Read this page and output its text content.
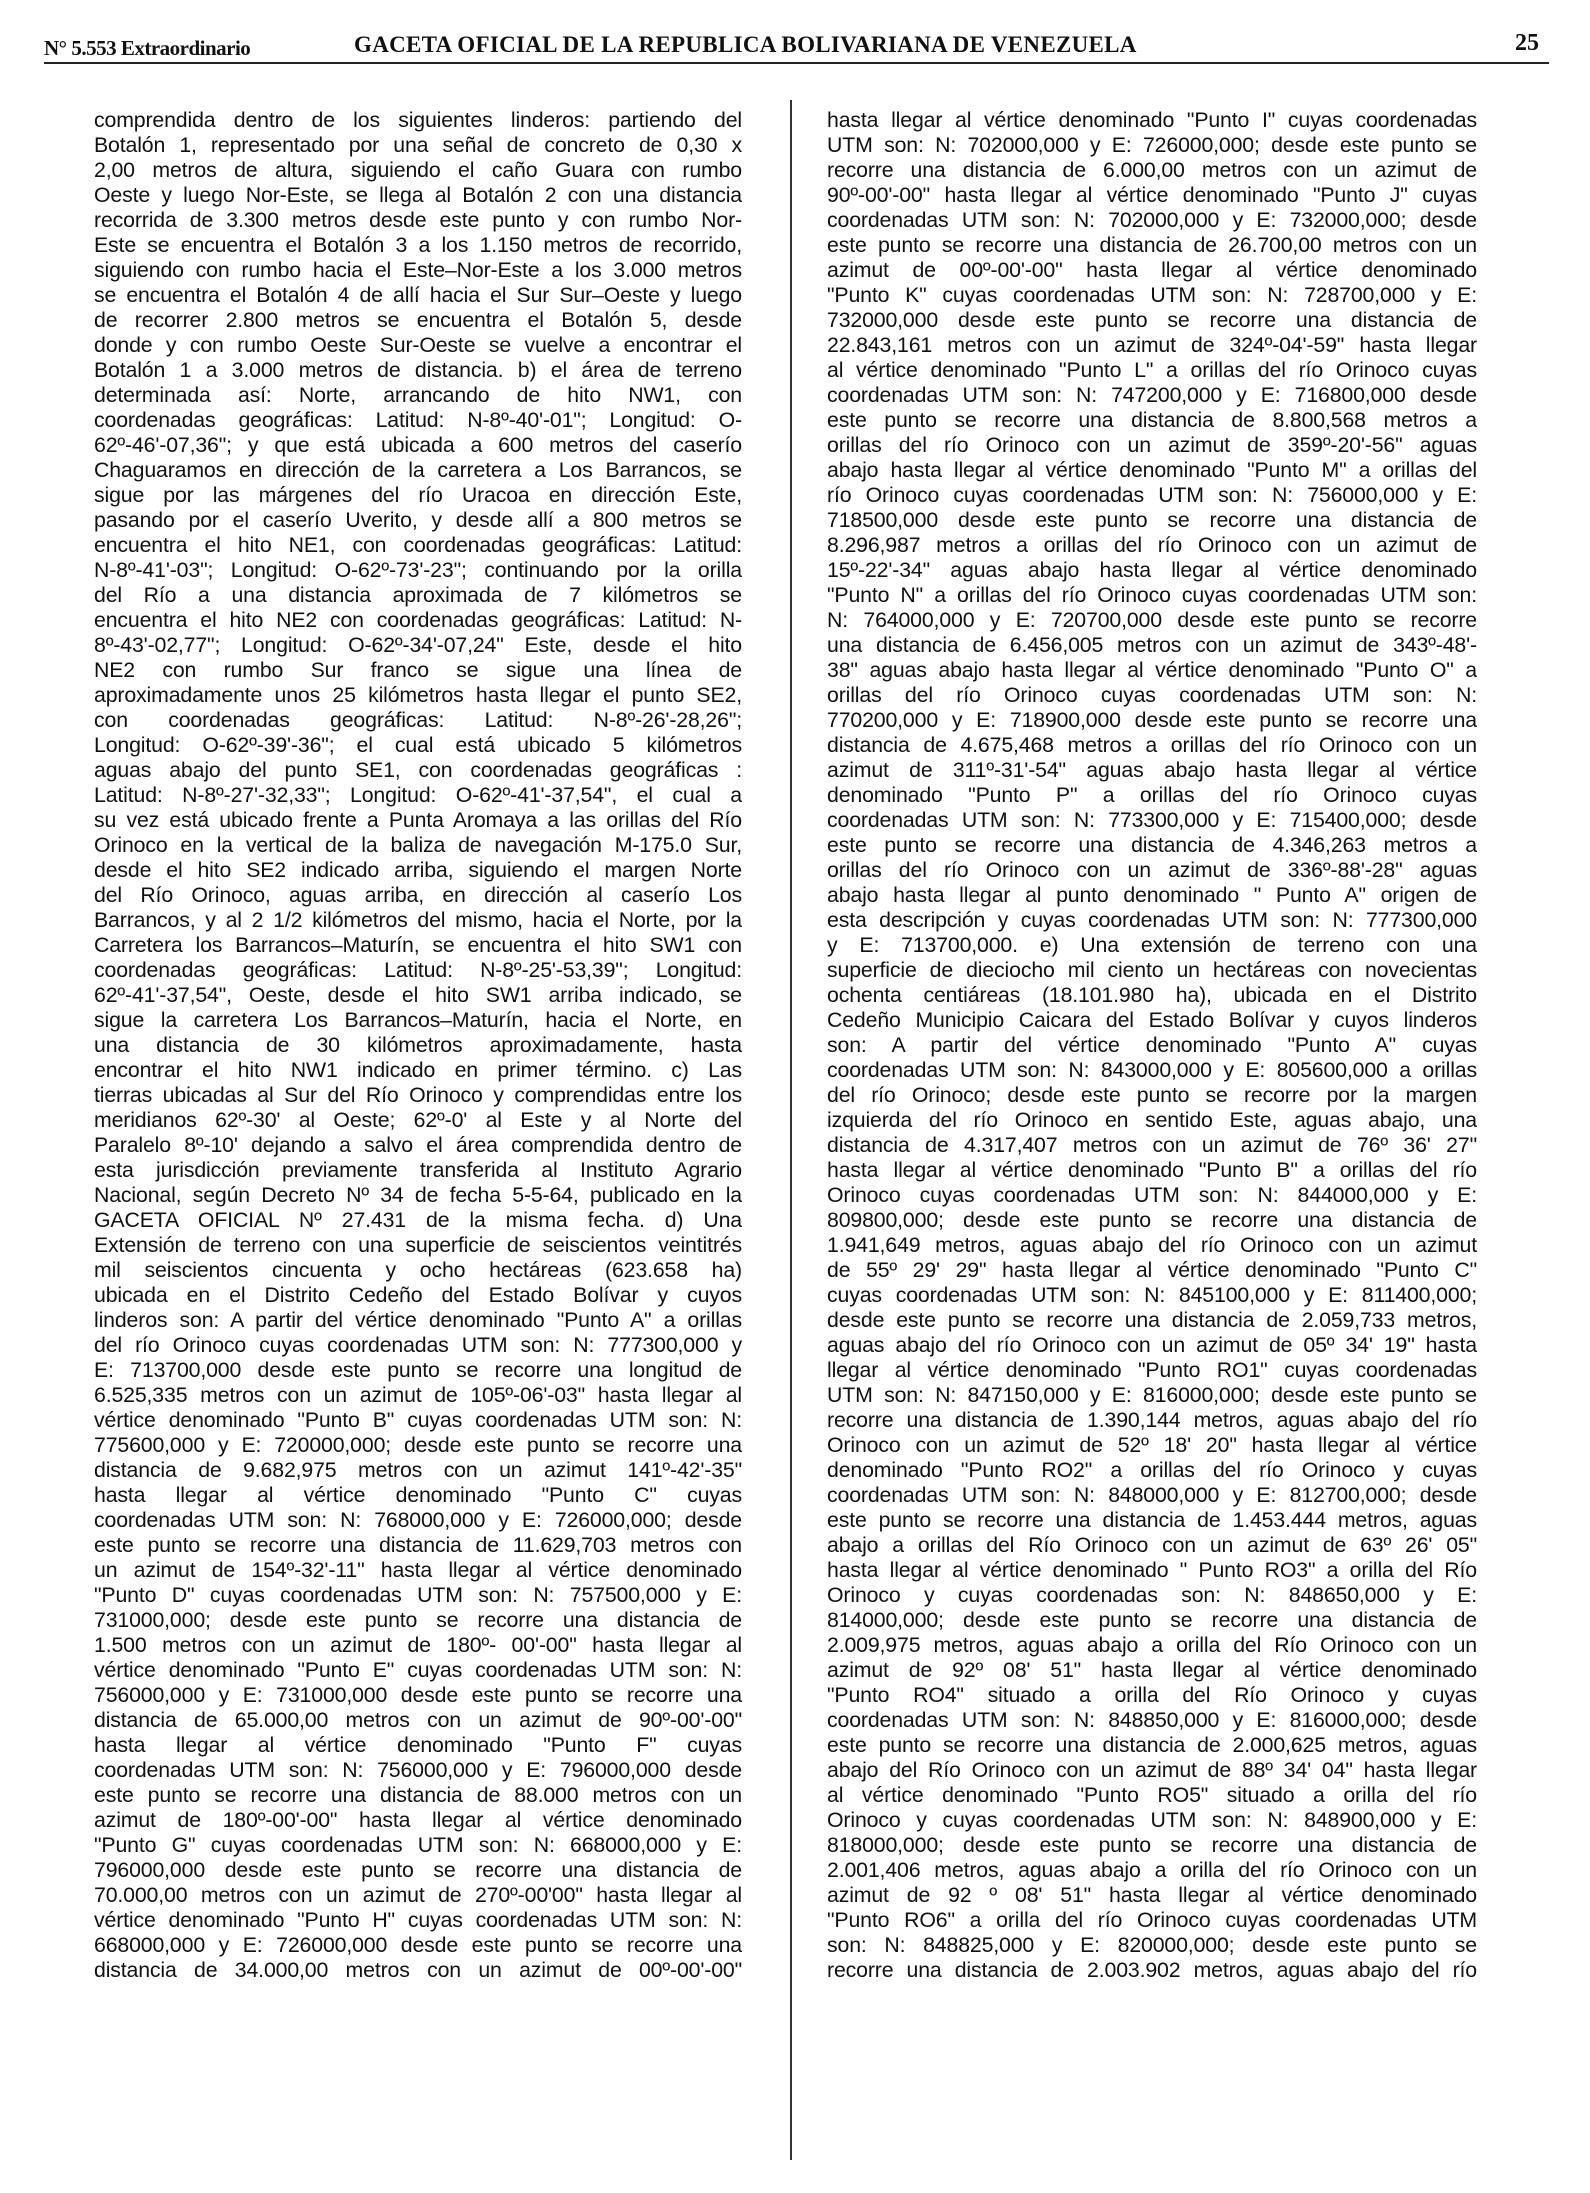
N° 5.553 Extraordinario	GACETA OFICIAL DE LA REPUBLICA BOLIVARIANA DE VENEZUELA	25
comprendida dentro de los siguientes linderos: partiendo del
Botalón 1, representado por una señal de concreto de 0,30 x
2,00 metros de altura, siguiendo el caño Guara con rumbo
Oeste y luego Nor-Este, se llega al Botalón 2 con una distancia
recorrida de 3.300 metros desde este punto y con rumbo Nor-
Este se encuentra el Botalón 3 a los 1.150 metros de recorrido,
siguiendo con rumbo hacia el Este–Nor-Este a los 3.000 metros
se encuentra el Botalón 4 de allí hacia el Sur Sur–Oeste y luego
de recorrer 2.800 metros se encuentra el Botalón 5, desde
donde y con rumbo Oeste Sur-Oeste se vuelve a encontrar el
Botalón 1 a 3.000 metros de distancia. b) el área de terreno
determinada así: Norte, arrancando de hito NW1, con
coordenadas geográficas: Latitud: N-8º-40'-01"; Longitud: O-
62º-46'-07,36"; y que está ubicada a 600 metros del caserío
Chaguaramos en dirección de la carretera a Los Barrancos, se
sigue por las márgenes del río Uracoa en dirección Este,
pasando por el caserío Uverito, y desde allí a 800 metros se
encuentra el hito NE1, con coordenadas geográficas: Latitud:
N-8º-41'-03"; Longitud: O-62º-73'-23"; continuando por la orilla
del Río a una distancia aproximada de 7 kilómetros se
encuentra el hito NE2 con coordenadas geográficas: Latitud: N-
8º-43'-02,77"; Longitud: O-62º-34'-07,24" Este, desde el hito
NE2 con rumbo Sur franco se sigue una línea de
aproximadamente unos 25 kilómetros hasta llegar el punto SE2,
con coordenadas geográficas: Latitud: N-8º-26'-28,26";
Longitud: O-62º-39'-36"; el cual está ubicado 5 kilómetros
aguas abajo del punto SE1, con coordenadas geográficas :
Latitud: N-8º-27'-32,33"; Longitud: O-62º-41'-37,54", el cual a
su vez está ubicado frente a Punta Aromaya a las orillas del Río
Orinoco en la vertical de la baliza de navegación M-175.0 Sur,
desde el hito SE2 indicado arriba, siguiendo el margen Norte
del Río Orinoco, aguas arriba, en dirección al caserío Los
Barrancos, y al 2 1/2 kilómetros del mismo, hacia el Norte, por la
Carretera los Barrancos–Maturín, se encuentra el hito SW1 con
coordenadas geográficas: Latitud: N-8º-25'-53,39"; Longitud:
62º-41'-37,54", Oeste, desde el hito SW1 arriba indicado, se
sigue la carretera Los Barrancos–Maturín, hacia el Norte, en
una distancia de 30 kilómetros aproximadamente, hasta
encontrar el hito NW1 indicado en primer término. c) Las
tierras ubicadas al Sur del Río Orinoco y comprendidas entre los
meridianos 62º-30' al Oeste; 62º-0' al Este y al Norte del
Paralelo 8º-10' dejando a salvo el área comprendida dentro de
esta jurisdicción previamente transferida al Instituto Agrario
Nacional, según Decreto Nº 34 de fecha 5-5-64, publicado en la
GACETA OFICIAL Nº 27.431 de la misma fecha. d) Una
Extensión de terreno con una superficie de seiscientos veintitrés
mil seiscientos cincuenta y ocho hectáreas (623.658 ha)
ubicada en el Distrito Cedeño del Estado Bolívar y cuyos
linderos son: A partir del vértice denominado "Punto A" a orillas
del río Orinoco cuyas coordenadas UTM son: N: 777300,000 y
E: 713700,000 desde este punto se recorre una longitud de
6.525,335 metros con un azimut de 105º-06'-03" hasta llegar al
vértice denominado "Punto B" cuyas coordenadas UTM son: N:
775600,000 y E: 720000,000; desde este punto se recorre una
distancia de 9.682,975 metros con un azimut 141º-42'-35"
hasta llegar al vértice denominado "Punto C" cuyas
coordenadas UTM son: N: 768000,000 y E: 726000,000; desde
este punto se recorre una distancia de 11.629,703 metros con
un azimut de 154º-32'-11" hasta llegar al vértice denominado
"Punto D" cuyas coordenadas UTM son: N: 757500,000 y E:
731000,000; desde este punto se recorre una distancia de
1.500 metros con un azimut de 180º- 00'-00" hasta llegar al
vértice denominado "Punto E" cuyas coordenadas UTM son: N:
756000,000 y E: 731000,000 desde este punto se recorre una
distancia de 65.000,00 metros con un azimut de 90º-00'-00"
hasta llegar al vértice denominado "Punto F" cuyas
coordenadas UTM son: N: 756000,000 y E: 796000,000 desde
este punto se recorre una distancia de 88.000 metros con un
azimut de 180º-00'-00" hasta llegar al vértice denominado
"Punto G" cuyas coordenadas UTM son: N: 668000,000 y E:
796000,000 desde este punto se recorre una distancia de
70.000,00 metros con un azimut de 270º-00'00" hasta llegar al
vértice denominado "Punto H" cuyas coordenadas UTM son: N:
668000,000 y E: 726000,000 desde este punto se recorre una
distancia de 34.000,00 metros con un azimut de 00º-00'-00"
hasta llegar al vértice denominado "Punto I" cuyas coordenadas
UTM son: N: 702000,000 y E: 726000,000; desde este punto se
recorre una distancia de 6.000,00 metros con un azimut de
90º-00'-00" hasta llegar al vértice denominado "Punto J" cuyas
coordenadas UTM son: N: 702000,000 y E: 732000,000; desde
este punto se recorre una distancia de 26.700,00 metros con un
azimut de 00º-00'-00" hasta llegar al vértice denominado
"Punto K" cuyas coordenadas UTM son: N: 728700,000 y E:
732000,000 desde este punto se recorre una distancia de
22.843,161 metros con un azimut de 324º-04'-59" hasta llegar
al vértice denominado "Punto L" a orillas del río Orinoco cuyas
coordenadas UTM son: N: 747200,000 y E: 716800,000 desde
este punto se recorre una distancia de 8.800,568 metros a
orillas del río Orinoco con un azimut de 359º-20'-56" aguas
abajo hasta llegar al vértice denominado "Punto M" a orillas del
río Orinoco cuyas coordenadas UTM son: N: 756000,000 y E:
718500,000 desde este punto se recorre una distancia de
8.296,987 metros a orillas del río Orinoco con un azimut de
15º-22'-34" aguas abajo hasta llegar al vértice denominado
"Punto N" a orillas del río Orinoco cuyas coordenadas UTM son:
N: 764000,000 y E: 720700,000 desde este punto se recorre
una distancia de 6.456,005 metros con un azimut de 343º-48'-
38" aguas abajo hasta llegar al vértice denominado "Punto O" a
orillas del río Orinoco cuyas coordenadas UTM son: N:
770200,000 y E: 718900,000 desde este punto se recorre una
distancia de 4.675,468 metros a orillas del río Orinoco con un
azimut de 311º-31'-54" aguas abajo hasta llegar al vértice
denominado "Punto P" a orillas del río Orinoco cuyas
coordenadas UTM son: N: 773300,000 y E: 715400,000; desde
este punto se recorre una distancia de 4.346,263 metros a
orillas del río Orinoco con un azimut de 336º-88'-28" aguas
abajo hasta llegar al punto denominado " Punto A" origen de
esta descripción y cuyas coordenadas UTM son: N: 777300,000
y E: 713700,000. e) Una extensión de terreno con una
superficie de dieciocho mil ciento un hectáreas con novecientas
ochenta centiáreas (18.101.980 ha), ubicada en el Distrito
Cedeño Municipio Caicara del Estado Bolívar y cuyos linderos
son: A partir del vértice denominado "Punto A" cuyas
coordenadas UTM son: N: 843000,000 y E: 805600,000 a orillas
del río Orinoco; desde este punto se recorre por la margen
izquierda del río Orinoco en sentido Este, aguas abajo, una
distancia de 4.317,407 metros con un azimut de 76º 36' 27"
hasta llegar al vértice denominado "Punto B" a orillas del río
Orinoco cuyas coordenadas UTM son: N: 844000,000 y E:
809800,000; desde este punto se recorre una distancia de
1.941,649 metros, aguas abajo del río Orinoco con un azimut
de 55º 29' 29" hasta llegar al vértice denominado "Punto C"
cuyas coordenadas UTM son: N: 845100,000 y E: 811400,000;
desde este punto se recorre una distancia de 2.059,733 metros,
aguas abajo del río Orinoco con un azimut de 05º 34' 19" hasta
llegar al vértice denominado "Punto RO1" cuyas coordenadas
UTM son: N: 847150,000 y E: 816000,000; desde este punto se
recorre una distancia de 1.390,144 metros, aguas abajo del río
Orinoco con un azimut de 52º 18' 20" hasta llegar al vértice
denominado "Punto RO2" a orillas del río Orinoco y cuyas
coordenadas UTM son: N: 848000,000 y E: 812700,000; desde
este punto se recorre una distancia de 1.453.444 metros, aguas
abajo a orillas del Río Orinoco con un azimut de 63º 26' 05"
hasta llegar al vértice denominado " Punto RO3" a orilla del Río
Orinoco y cuyas coordenadas son: N: 848650,000 y E:
814000,000; desde este punto se recorre una distancia de
2.009,975 metros, aguas abajo a orilla del Río Orinoco con un
azimut de 92º 08' 51" hasta llegar al vértice denominado
"Punto RO4" situado a orilla del Río Orinoco y cuyas
coordenadas UTM son: N: 848850,000 y E: 816000,000; desde
este punto se recorre una distancia de 2.000,625 metros, aguas
abajo del Río Orinoco con un azimut de 88º 34' 04" hasta llegar
al vértice denominado "Punto RO5" situado a orilla del río
Orinoco y cuyas coordenadas UTM son: N: 848900,000 y E:
818000,000; desde este punto se recorre una distancia de
2.001,406 metros, aguas abajo a orilla del río Orinoco con un
azimut de 92 º 08' 51" hasta llegar al vértice denominado
"Punto RO6" a orilla del río Orinoco cuyas coordenadas UTM
son: N: 848825,000 y E: 820000,000; desde este punto se
recorre una distancia de 2.003.902 metros, aguas abajo del río
